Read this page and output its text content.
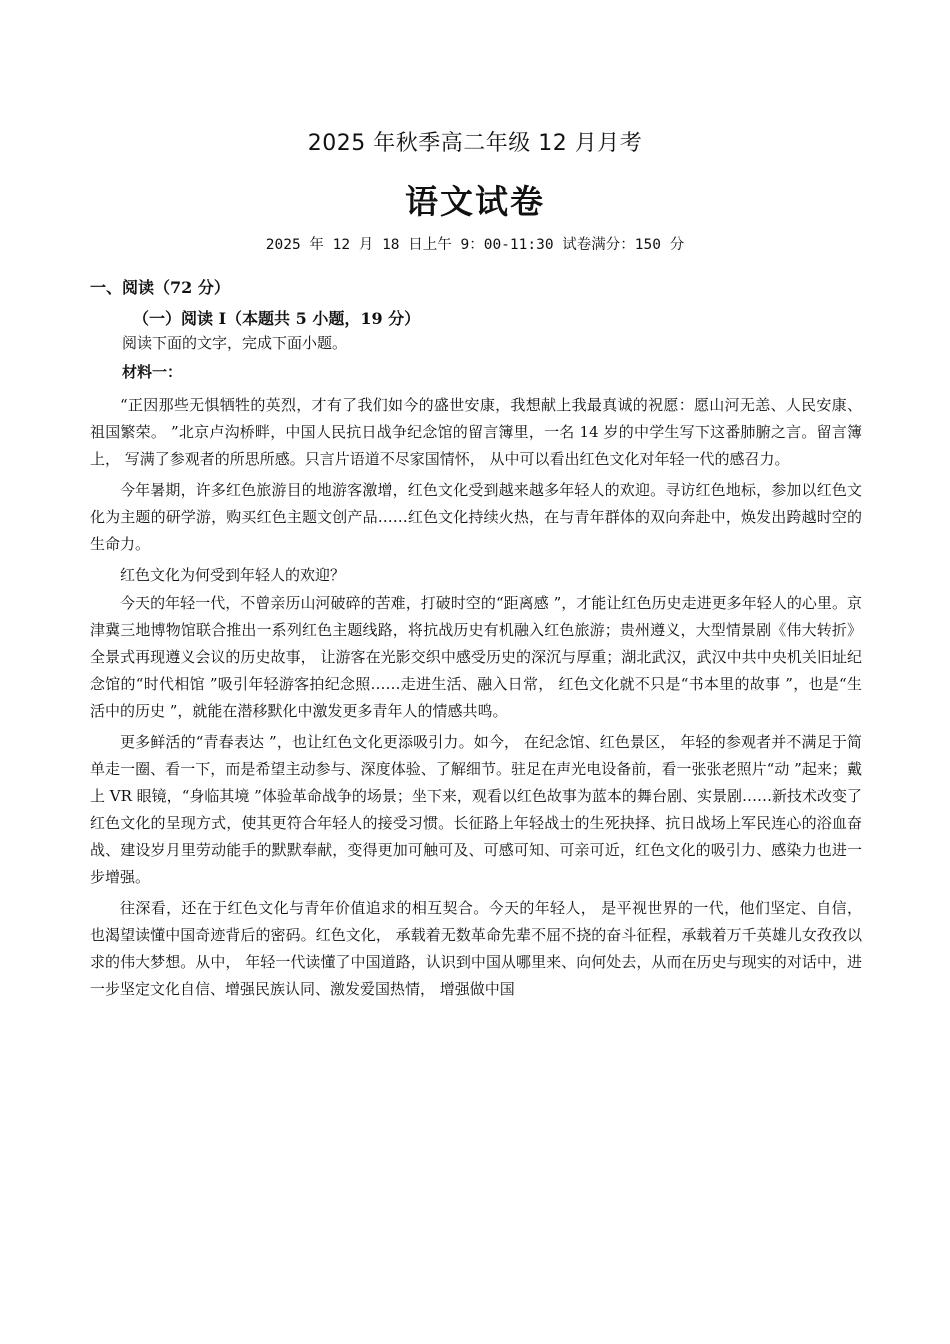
2025 年秋季高二年级 12 月月考
语文试卷
2025 年 12 月 18 日上午 9：00-11:30 试卷满分：150 分
一、阅读（72 分）
（一）阅读 I（本题共 5 小题，19 分）
阅读下面的文字，完成下面小题。
材料一：

“正因那些无惧牺牲的英烈，才有了我们如今的盛世安康，我想献上我最真诚的祝愿：愿山河无恙、人民安康、祖国繁荣。 ”北京卢沟桥畔，中国人民抗日战争纪念馆的留言簿里，一名 14 岁的中学生写下这番肺腑之言。留言簿上， 写满了参观者的所思所感。只言片语道不尽家国情怀， 从中可以看出红色文化对年轻一代的感召力。

今年暑期，许多红色旅游目的地游客激增，红色文化受到越来越多年轻人的欢迎。寻访红色地标，参加以红色文化为主题的研学游，购买红色主题文创产品……红色文化持续火热，在与青年群体的双向奔赴中，焕发出跨越时空的生命力。

红色文化为何受到年轻人的欢迎？

今天的年轻一代，不曾亲历山河破碎的苦难，打破时空的“距离感 ”，才能让红色历史走进更多年轻人的心里。京津冀三地博物馆联合推出一系列红色主题线路，将抗战历史有机融入红色旅游；贵州遵义，大型情景剧《伟大转折》全景式再现遵义会议的历史故事， 让游客在光影交织中感受历史的深沉与厚重；湖北武汉，武汉中共中央机关旧址纪念馆的“时代相馆 ”吸引年轻游客拍纪念照……走进生活、融入日常， 红色文化就不只是“书本里的故事 ”，也是“生活中的历史 ”，就能在潜移默化中激发更多青年人的情感共鸣。

更多鲜活的“青春表达 ”，也让红色文化更添吸引力。如今， 在纪念馆、红色景区， 年轻的参观者并不满足于简单走一圈、看一下，而是希望主动参与、深度体验、了解细节。驻足在声光电设备前，看一张张老照片“动 ”起来；戴上 VR 眼镜，“身临其境 ”体验革命战争的场景；坐下来，观看以红色故事为蓝本的舞台剧、实景剧……新技术改变了红色文化的呈现方式，使其更符合年轻人的接受习惯。长征路上年轻战士的生死抉择、抗日战场上军民连心的浴血奋战、建设岁月里劳动能手的默默奉献，变得更加可触可及、可感可知、可亲可近，红色文化的吸引力、感染力也进一步增强。

往深看，还在于红色文化与青年价值追求的相互契合。今天的年轻人， 是平视世界的一代，他们坚定、自信， 也渴望读懂中国奇迹背后的密码。红色文化， 承载着无数革命先辈不屈不挠的奋斗征程，承载着万千英雄儿女孜孜以求的伟大梦想。从中， 年轻一代读懂了中国道路，认识到中国从哪里来、向何处去，从而在历史与现实的对话中，进一步坚定文化自信、增强民族认同、激发爱国热情， 增强做中国
